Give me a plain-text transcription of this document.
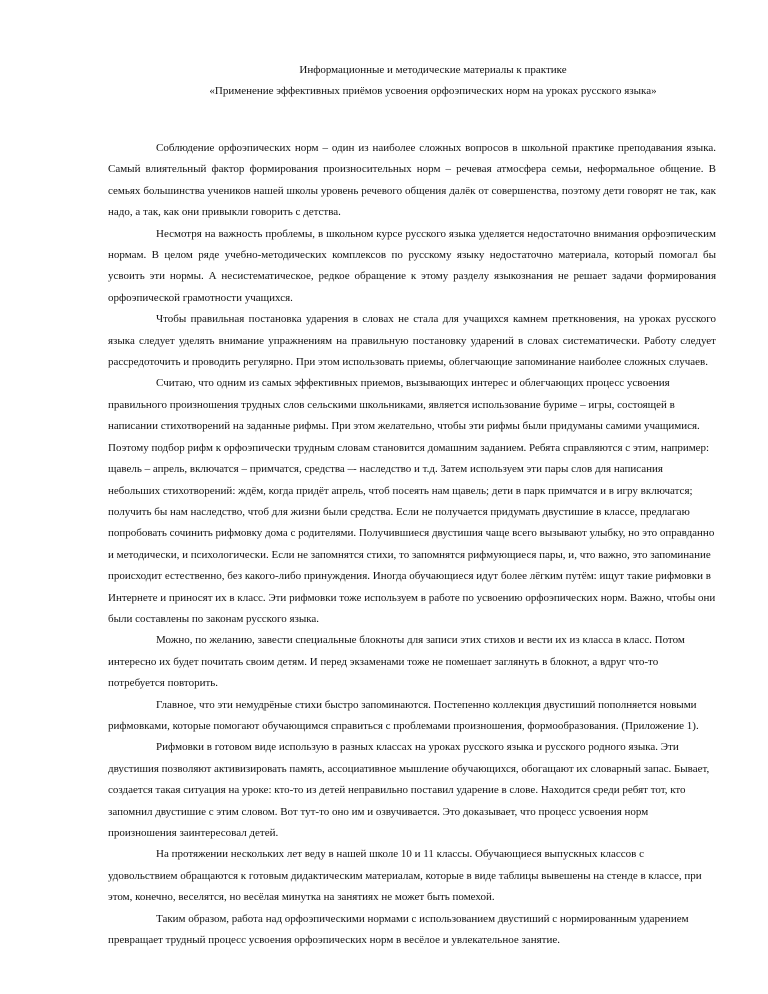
Информационные и методические материалы к практике
«Применение эффективных приёмов усвоения орфоэпических норм на уроках русского языка»

Соблюдение орфоэпических норм – один из наиболее сложных вопросов в школьной практике преподавания языка. Самый влиятельный фактор формирования произносительных норм – речевая атмосфера семьи, неформальное общение. В семьях большинства учеников нашей школы уровень речевого общения далёк от совершенства, поэтому дети говорят не так, как надо, а так, как они привыкли говорить с детства.

Несмотря на важность проблемы, в школьном курсе русского языка уделяется недостаточно внимания орфоэпическим нормам. В целом ряде учебно-методических комплексов по русскому языку недостаточно материала, который помогал бы усвоить эти нормы. А несистематическое, редкое обращение к этому разделу языкознания не решает задачи формирования орфоэпической грамотности учащихся.

Чтобы правильная постановка ударения в словах не стала для учащихся камнем преткновения, на уроках русского языка следует уделять внимание упражнениям на правильную постановку ударений в словах систематически. Работу следует рассредоточить и проводить регулярно. При этом использовать приемы, облегчающие запоминание наиболее сложных случаев.

Считаю, что одним из самых эффективных приемов, вызывающих интерес и облегчающих процесс усвоения правильного произношения трудных слов сельскими школьниками, является использование буриме – игры, состоящей в написании стихотворений на заданные рифмы. При этом желательно, чтобы эти рифмы были придуманы самими учащимися. Поэтому подбор рифм к орфоэпически трудным словам становится домашним заданием. Ребята справляются с этим, например: щавель – апрель, включатся – примчатся, средства –- наследство и т.д. Затем используем эти пары слов для написания небольших стихотворений: ждём, когда придёт апрель, чтоб посеять нам щавель; дети в парк примчатся и в игру включатся; получить бы нам наследство, чтоб для жизни были средства. Если не получается придумать двустишие в классе, предлагаю попробовать сочинить рифмовку дома с родителями. Получившиеся двустишия чаще всего вызывают улыбку, но это оправданно и методически, и психологически. Если не запомнятся стихи, то запомнятся рифмующиеся пары, и, что важно, это запоминание происходит естественно, без какого-либо принуждения. Иногда обучающиеся идут более лёгким путём: ищут такие рифмовки в Интернете и приносят их в класс. Эти рифмовки тоже используем в работе по усвоению орфоэпических норм. Важно, чтобы они были составлены по законам русского языка.

Можно, по желанию, завести специальные блокноты для записи этих стихов и вести их из класса в класс. Потом интересно их будет почитать своим детям. И перед экзаменами тоже не помешает заглянуть в блокнот, а вдруг что-то потребуется повторить.

Главное, что эти немудрёные стихи быстро запоминаются. Постепенно коллекция двустиший пополняется новыми рифмовками, которые помогают обучающимся справиться с проблемами произношения, формообразования. (Приложение 1).

Рифмовки в готовом виде использую в разных классах на уроках русского языка и русского родного языка. Эти двустишия позволяют активизировать память, ассоциативное мышление обучающихся, обогащают их словарный запас. Бывает, создается такая ситуация на уроке: кто-то из детей неправильно поставил ударение в слове. Находится среди ребят тот, кто запомнил двустишие с этим словом. Вот тут-то оно им и озвучивается. Это доказывает, что процесс усвоения норм произношения заинтересовал детей.

На протяжении нескольких лет веду в нашей школе 10 и 11 классы. Обучающиеся выпускных классов с удовольствием обращаются к готовым дидактическим материалам, которые в виде таблицы вывешены на стенде в классе, при этом, конечно, веселятся, но весёлая минутка на занятиях не может быть помехой.

Таким образом, работа над орфоэпическими нормами с использованием двустиший с нормированным ударением превращает трудный процесс усвоения орфоэпических норм в весёлое и увлекательное занятие.
